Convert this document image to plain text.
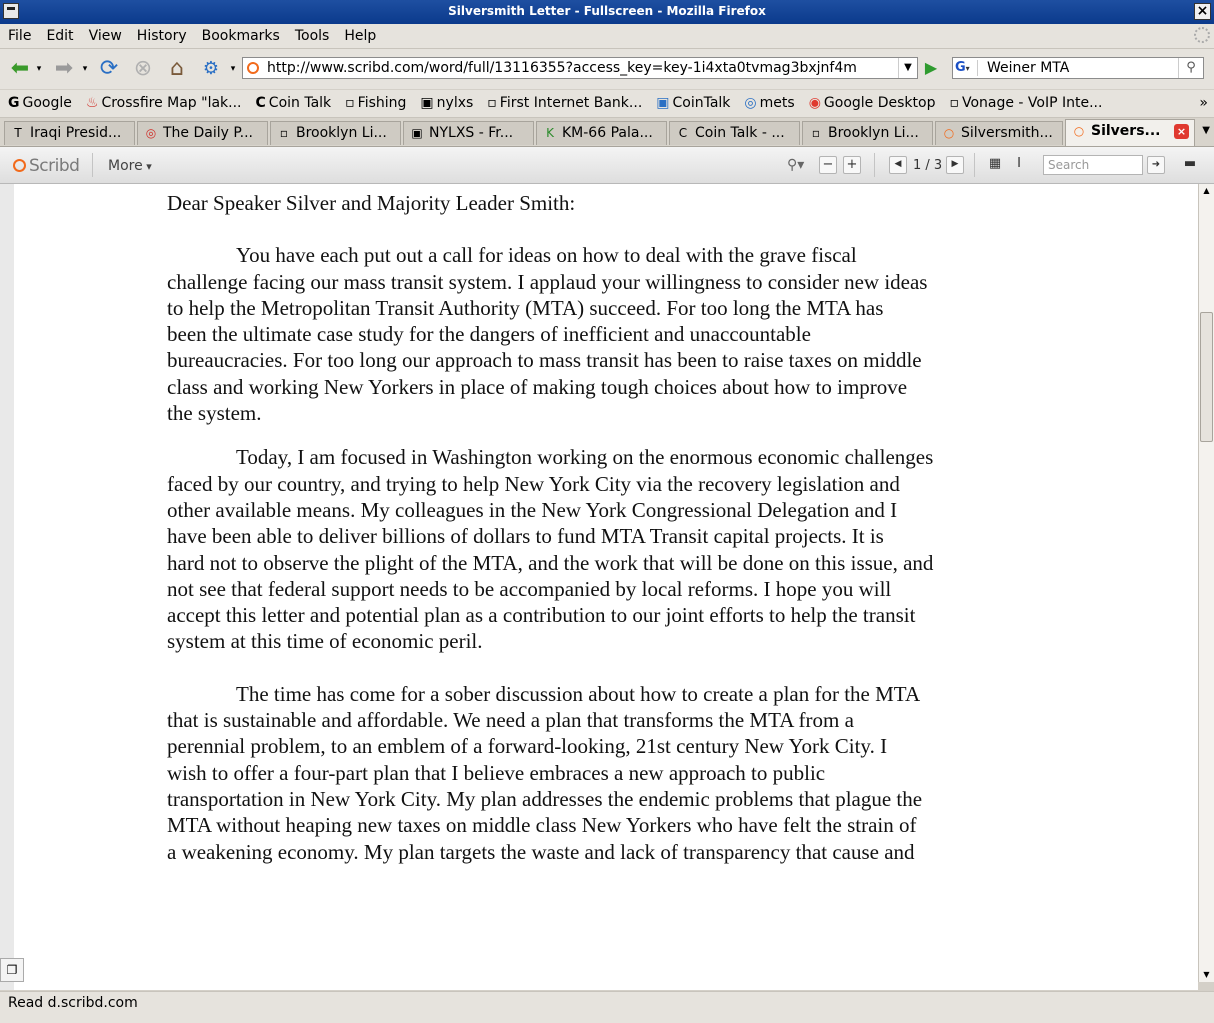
Silversmith Letter - Fullscreen - Mozilla Firefox	×
File Edit View History Bookmarks Tools Help
⬅ ▾ ➡	▾ ⟳ ⊗ ⌂	⚙	▾	http://www.scribd.com/word/full/13116355?access_key=key-1i4xta0tvmag3bxjnf4m	▼ ▶ G▾	Weiner MTA	⚲
G Google ♨ Crossfire Map "lak... C Coin Talk ▫ Fishing ▣ nylxs ▫ First Internet Bank... ▣ CoinTalk ◎ mets ◉ Google Desktop ▫ Vonage - VoIP Inte...	»
T Iraqi Presid...	◎ The Daily P...	▫ Brooklyn Li...	▣ NYLXS - Fr...	K KM-66 Pala...	C Coin Talk - ...	▫ Brooklyn Li...	○ Silversmith...	○ Silvers... × ▼
Scribd More ▾	⚲▾ − +	◀ 1 / 3	▶	▦	I	Search	➜	▬

Dear Speaker Silver and Majority Leader Smith:

You have each put out a call for ideas on how to deal with the grave fiscal

challenge facing our mass transit system. I applaud your willingness to consider new ideas

to help the Metropolitan Transit Authority (MTA) succeed. For too long the MTA has

been the ultimate case study for the dangers of inefficient and unaccountable

bureaucracies. For too long our approach to mass transit has been to raise taxes on middle

class and working New Yorkers in place of making tough choices about how to improve

the system.

Today, I am focused in Washington working on the enormous economic challenges

faced by our country, and trying to help New York City via the recovery legislation and

other available means. My colleagues in the New York Congressional Delegation and I

have been able to deliver billions of dollars to fund MTA Transit capital projects. It is

hard not to observe the plight of the MTA, and the work that will be done on this issue, and

not see that federal support needs to be accompanied by local reforms. I hope you will

accept this letter and potential plan as a contribution to our joint efforts to help the transit

system at this time of economic peril.

The time has come for a sober discussion about how to create a plan for the MTA

that is sustainable and affordable. We need a plan that transforms the MTA from a

perennial problem, to an emblem of a forward-looking, 21st century New York City. I

wish to offer a four-part plan that I believe embraces a new approach to public

transportation in New York City. My plan addresses the endemic problems that plague the

MTA without heaping new taxes on middle class New Yorkers who have felt the strain of

a weakening economy. My plan targets the waste and lack of transparency that cause and

❐
▲
▼
Read d.scribd.com
